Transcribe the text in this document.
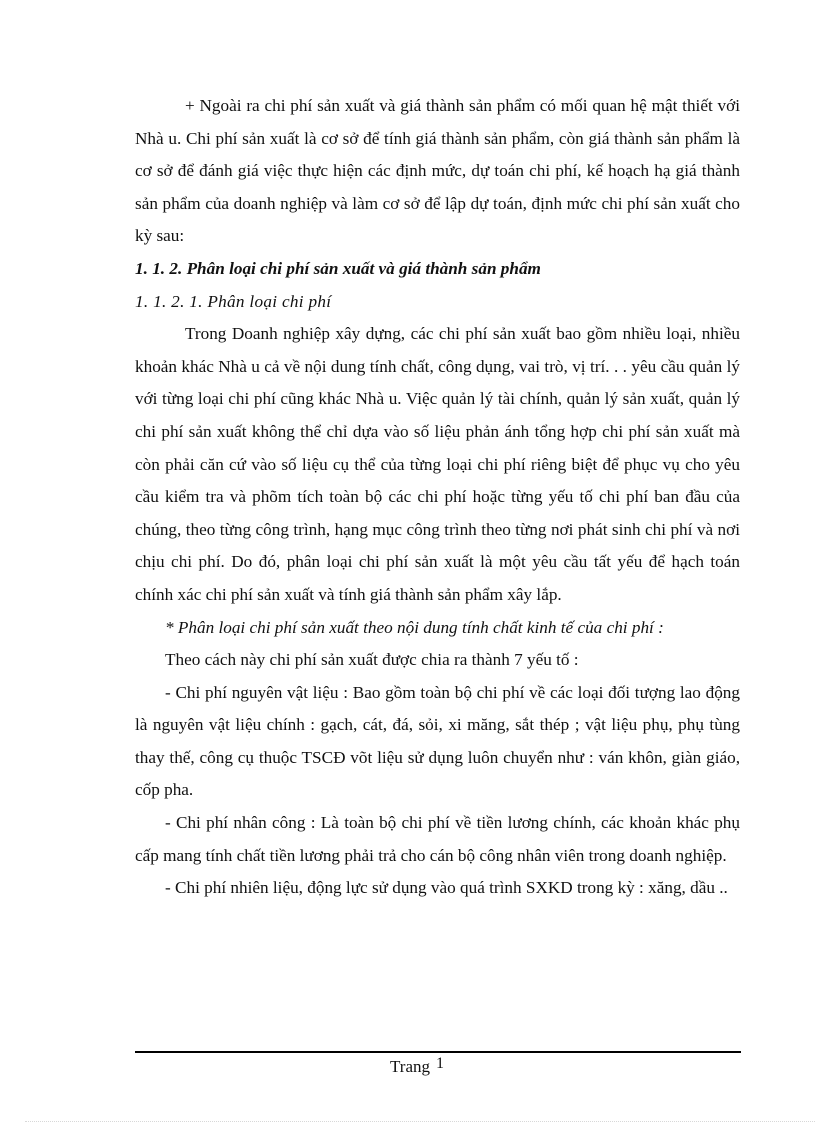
+ Ngoài ra chi phí sản xuất và giá thành sản phẩm có mối quan hệ mật thiết với Nhà u. Chi phí sản xuất là cơ sở để tính giá thành sản phẩm, còn giá thành sản phẩm là cơ sở để đánh giá việc thực hiện các định mức, dự toán chi phí, kế hoạch hạ giá thành sản phẩm của doanh nghiệp và làm cơ sở để lập dự toán, định mức chi phí sản xuất cho kỳ sau:

1. 1. 2. Phân loại chi phí sản xuất và giá thành sản phẩm

1. 1. 2. 1. Phân loại chi phí

Trong Doanh nghiệp xây dựng, các chi phí sản xuất bao gồm nhiều loại, nhiều khoản khác Nhà u cả về nội dung tính chất, công dụng, vai trò, vị trí. . . yêu cầu quản lý với từng loại chi phí cũng khác Nhà u. Việc quản lý tài chính, quản lý sản xuất, quản lý chi phí sản xuất không thể chỉ dựa vào số liệu phản ánh tổng hợp chi phí sản xuất mà còn phải căn cứ vào số liệu cụ thể của từng loại chi phí riêng biệt để phục vụ cho yêu cầu kiểm tra và phõm tích toàn bộ các chi phí hoặc từng yếu tố chi phí ban đầu của chúng, theo từng công trình, hạng mục công trình theo từng nơi phát sinh chi phí và nơi chịu chi phí. Do đó, phân loại chi phí sản xuất là một yêu cầu tất yếu để hạch toán chính xác chi phí sản xuất và tính giá thành sản phẩm xây lắp.

* Phân loại chi phí sản xuất theo nội dung tính chất kinh tế của chi phí :

Theo cách này chi phí sản xuất được chia ra thành 7 yếu tố :

- Chi phí nguyên vật liệu : Bao gồm toàn bộ chi phí về các loại đối tượng lao động là nguyên vật liệu chính : gạch, cát, đá, sỏi, xi măng, sắt thép ; vật liệu phụ, phụ tùng thay thế, công cụ thuộc TSCĐ võt liệu sử dụng luôn chuyển như : ván khôn, giàn giáo, cốp pha.

- Chi phí nhân công : Là toàn bộ chi phí về tiền lương chính, các khoản khác phụ cấp mang tính chất tiền lương phải trả cho cán bộ công nhân viên trong doanh nghiệp.

- Chi phí nhiên liệu, động lực sử dụng vào quá trình SXKD trong kỳ : xăng, dầu ..

Trang 1
